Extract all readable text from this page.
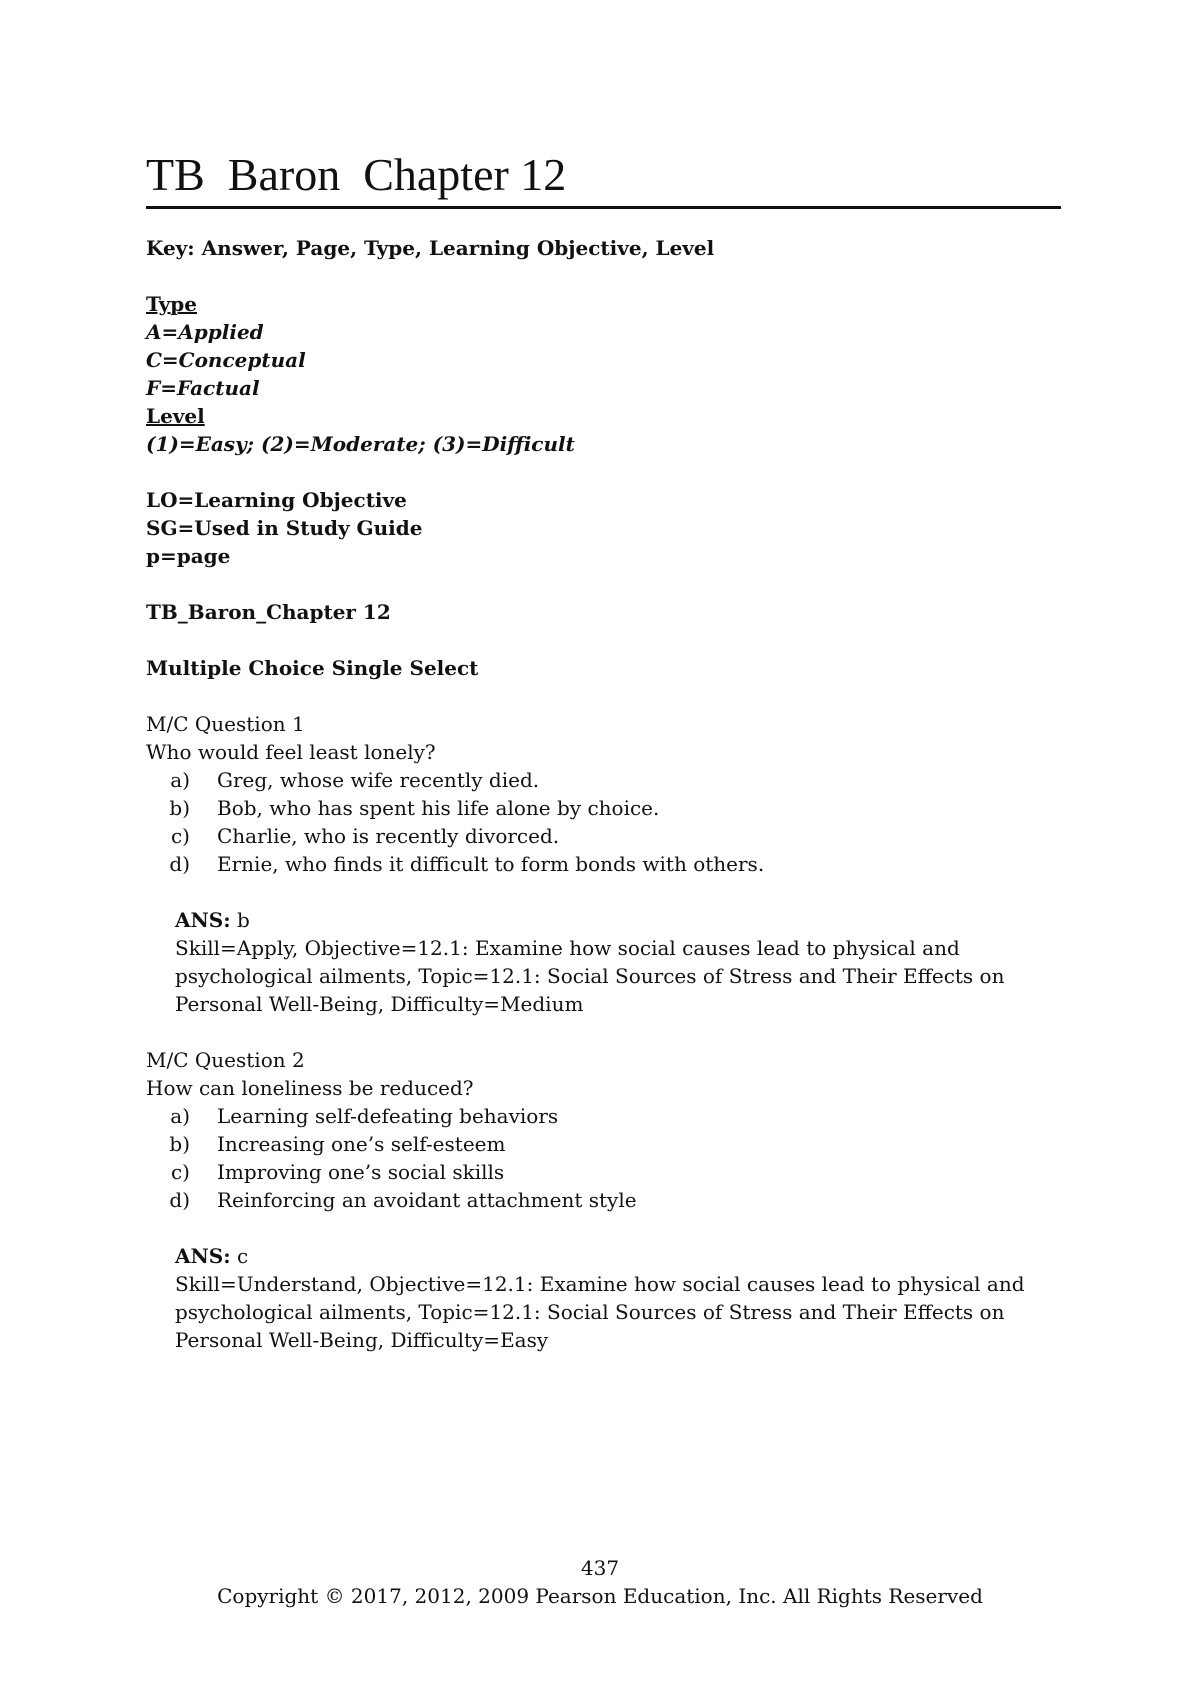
TB  Baron  Chapter 12

Key: Answer, Page, Type, Learning Objective, Level

Type

A=Applied

C=Conceptual

F=Factual

Level

(1)=Easy; (2)=Moderate; (3)=Difficult

LO=Learning Objective

SG=Used in Study Guide

p=page

TB_Baron_Chapter 12

Multiple Choice Single Select

M/C Question 1

Who would feel least lonely?

a)	Greg, whose wife recently died.
b)	Bob, who has spent his life alone by choice.
c)	Charlie, who is recently divorced.
d)	Ernie, who finds it difficult to form bonds with others.

ANS: b

Skill=Apply, Objective=12.1: Examine how social causes lead to physical and

psychological ailments, Topic=12.1: Social Sources of Stress and Their Effects on

Personal Well-Being, Difficulty=Medium

M/C Question 2

How can loneliness be reduced?

a)	Learning self-defeating behaviors
b)	Increasing one’s self-esteem
c)	Improving one’s social skills
d)	Reinforcing an avoidant attachment style

ANS: c

Skill=Understand, Objective=12.1: Examine how social causes lead to physical and

psychological ailments, Topic=12.1: Social Sources of Stress and Their Effects on

Personal Well-Being, Difficulty=Easy

437
Copyright © 2017, 2012, 2009 Pearson Education, Inc. All Rights Reserved
